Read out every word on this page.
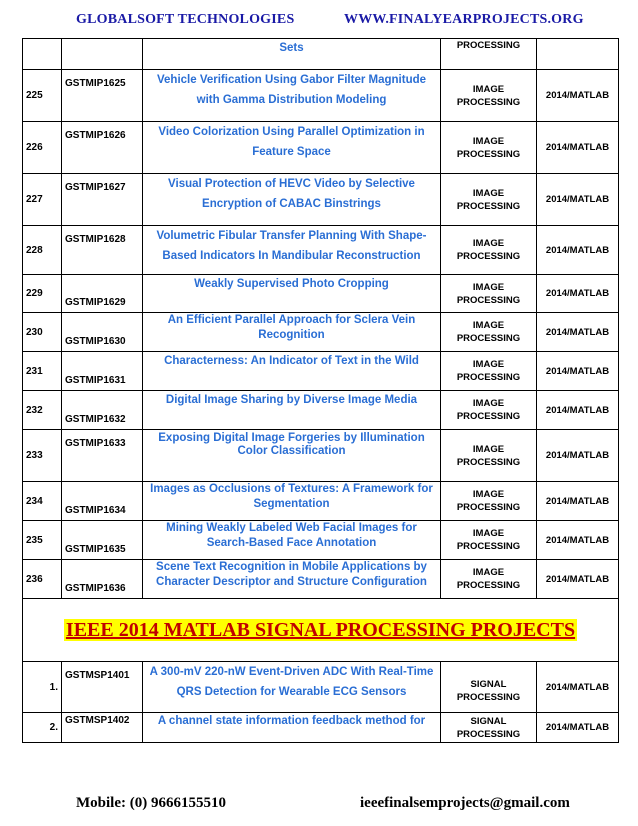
GLOBALSOFT TECHNOLOGIES	WWW.FINALYEARPROJECTS.ORG

		Sets	PROCESSING	

225	GSTMIP1625	Vehicle Verification Using Gabor Filter Magnitude with Gamma Distribution Modeling	IMAGE PROCESSING	2014/MATLAB

226	GSTMIP1626	Video Colorization Using Parallel Optimization in Feature Space	IMAGE PROCESSING	2014/MATLAB

227	GSTMIP1627	Visual Protection of HEVC Video by Selective Encryption of CABAC Binstrings	IMAGE PROCESSING	2014/MATLAB

228	GSTMIP1628	Volumetric Fibular Transfer Planning With Shape-Based Indicators In Mandibular Reconstruction	IMAGE PROCESSING	2014/MATLAB

229	GSTMIP1629	Weakly Supervised Photo Cropping	IMAGE PROCESSING	2014/MATLAB

230	GSTMIP1630	An Efficient Parallel Approach for Sclera Vein Recognition	IMAGE PROCESSING	2014/MATLAB

231	GSTMIP1631	Characterness: An Indicator of Text in the Wild	IMAGE PROCESSING	2014/MATLAB

232	GSTMIP1632	Digital Image Sharing by Diverse Image Media	IMAGE PROCESSING	2014/MATLAB

233	GSTMIP1633	Exposing Digital Image Forgeries by Illumination Color Classification	IMAGE PROCESSING	2014/MATLAB

234	GSTMIP1634	Images as Occlusions of Textures: A Framework for Segmentation	IMAGE PROCESSING	2014/MATLAB

235	GSTMIP1635	Mining Weakly Labeled Web Facial Images for Search-Based Face Annotation	IMAGE PROCESSING	2014/MATLAB

236	GSTMIP1636	Scene Text Recognition in Mobile Applications by Character Descriptor and Structure Configuration	IMAGE PROCESSING	2014/MATLAB

IEEE 2014 MATLAB SIGNAL PROCESSING PROJECTS				

1.	GSTMSP1401	A 300-mV 220-nW Event-Driven ADC With Real-Time QRS Detection for Wearable ECG Sensors	SIGNAL PROCESSING	2014/MATLAB

2.	GSTMSP1402	A channel state information feedback method for	SIGNAL PROCESSING	2014/MATLAB
Mobile: (0) 9666155510	ieeefinalsemprojects@gmail.com
